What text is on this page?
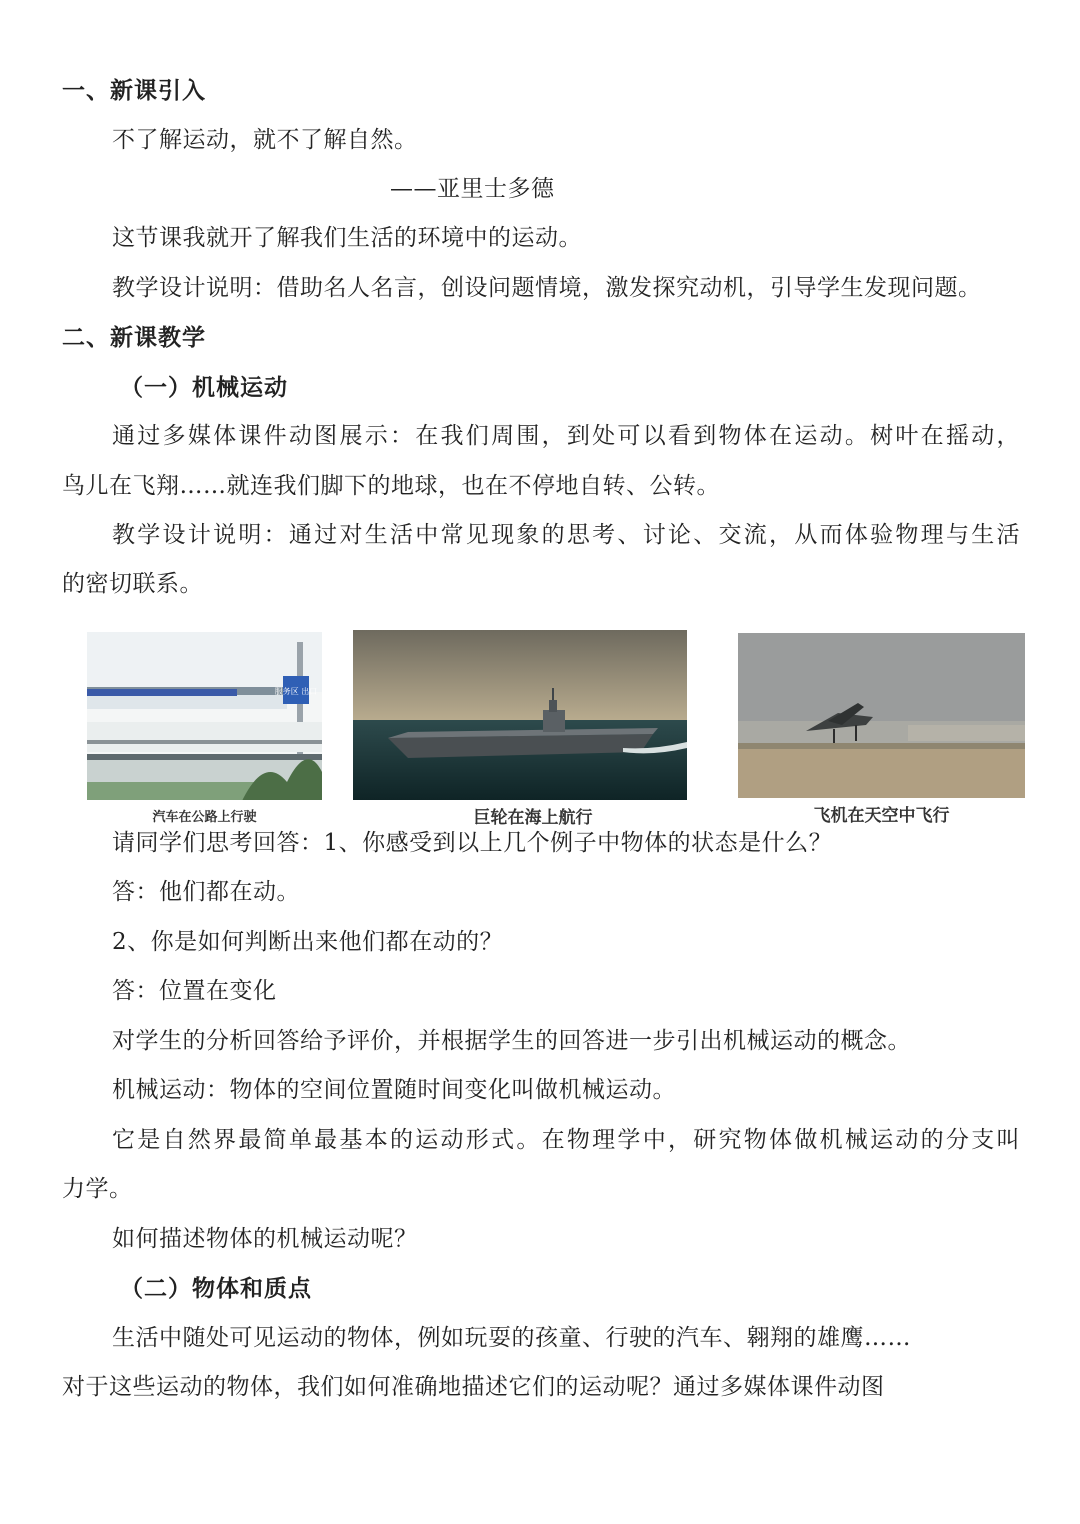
一、新课引入
不了解运动，就不了解自然。
——亚里士多德
这节课我就开了解我们生活的环境中的运动。
教学设计说明：借助名人名言，创设问题情境，激发探究动机，引导学生发现问题。
二、新课教学
（一）机械运动
通过多媒体课件动图展示：在我们周围，到处可以看到物体在运动。树叶在摇动，
鸟儿在飞翔……就连我们脚下的地球，也在不停地自转、公转。
教学设计说明：通过对生活中常见现象的思考、讨论、交流，从而体验物理与生活
的密切联系。
服务区 出口
汽车在公路上行驶	巨轮在海上航行	飞机在天空中飞行
请同学们思考回答：1、你感受到以上几个例子中物体的状态是什么？
答：他们都在动。
2、你是如何判断出来他们都在动的？
答：位置在变化
对学生的分析回答给予评价，并根据学生的回答进一步引出机械运动的概念。
机械运动：物体的空间位置随时间变化叫做机械运动。
它是自然界最简单最基本的运动形式。在物理学中，研究物体做机械运动的分支叫
力学。
如何描述物体的机械运动呢？
（二）物体和质点
生活中随处可见运动的物体，例如玩耍的孩童、行驶的汽车、翱翔的雄鹰……
对于这些运动的物体，我们如何准确地描述它们的运动呢？通过多媒体课件动图
